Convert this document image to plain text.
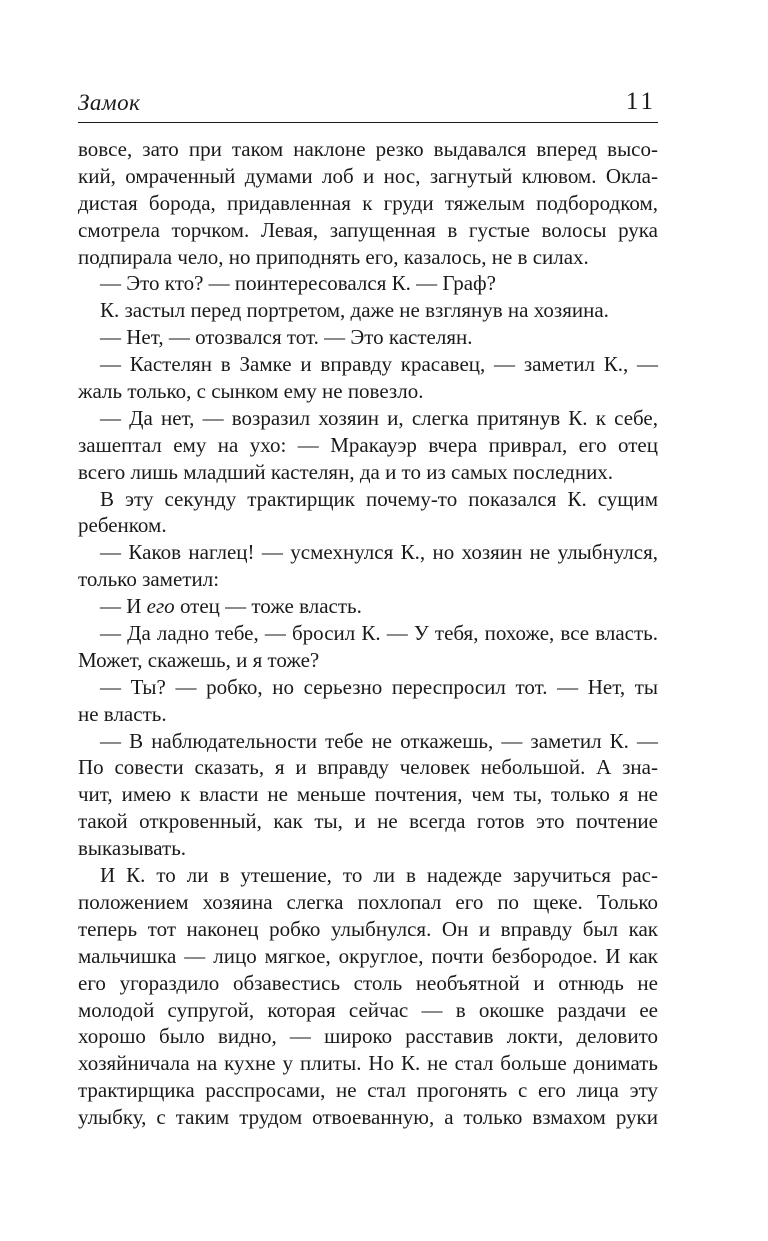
Замок	11
вовсе, зато при таком наклоне резко выдавался вперед высо-
кий, омраченный думами лоб и нос, загнутый клювом. Окла-
дистая борода, придавленная к груди тяжелым подбородком,
смотрела торчком. Левая, запущенная в густые волосы рука
подпирала чело, но приподнять его, казалось, не в силах.
— Это кто? — поинтересовался К. — Граф?
К. застыл перед портретом, даже не взглянув на хозяина.
— Нет, — отозвался тот. — Это кастелян.
— Кастелян в Замке и вправду красавец, — заметил К., —
жаль только, с сынком ему не повезло.
— Да нет, — возразил хозяин и, слегка притянув К. к себе,
зашептал ему на ухо: — Мракауэр вчера приврал, его отец
всего лишь младший кастелян, да и то из самых последних.
В эту секунду трактирщик почему-то показался К. сущим
ребенком.
— Каков наглец! — усмехнулся К., но хозяин не улыбнулся,
только заметил:
— И его отец — тоже власть.
— Да ладно тебе, — бросил К. — У тебя, похоже, все власть.
Может, скажешь, и я тоже?
— Ты? — робко, но серьезно переспросил тот. — Нет, ты
не власть.
— В наблюдательности тебе не откажешь, — заметил К. —
По совести сказать, я и вправду человек небольшой. А зна-
чит, имею к власти не меньше почтения, чем ты, только я не
такой откровенный, как ты, и не всегда готов это почтение
выказывать.
И К. то ли в утешение, то ли в надежде заручиться рас-
положением хозяина слегка похлопал его по щеке. Только
теперь тот наконец робко улыбнулся. Он и вправду был как
мальчишка — лицо мягкое, округлое, почти безбородое. И как
его угораздило обзавестись столь необъятной и отнюдь не
молодой супругой, которая сейчас — в окошке раздачи ее
хорошо было видно, — широко расставив локти, деловито
хозяйничала на кухне у плиты. Но К. не стал больше донимать
трактирщика расспросами, не стал прогонять с его лица эту
улыбку, с таким трудом отвоеванную, а только взмахом руки
